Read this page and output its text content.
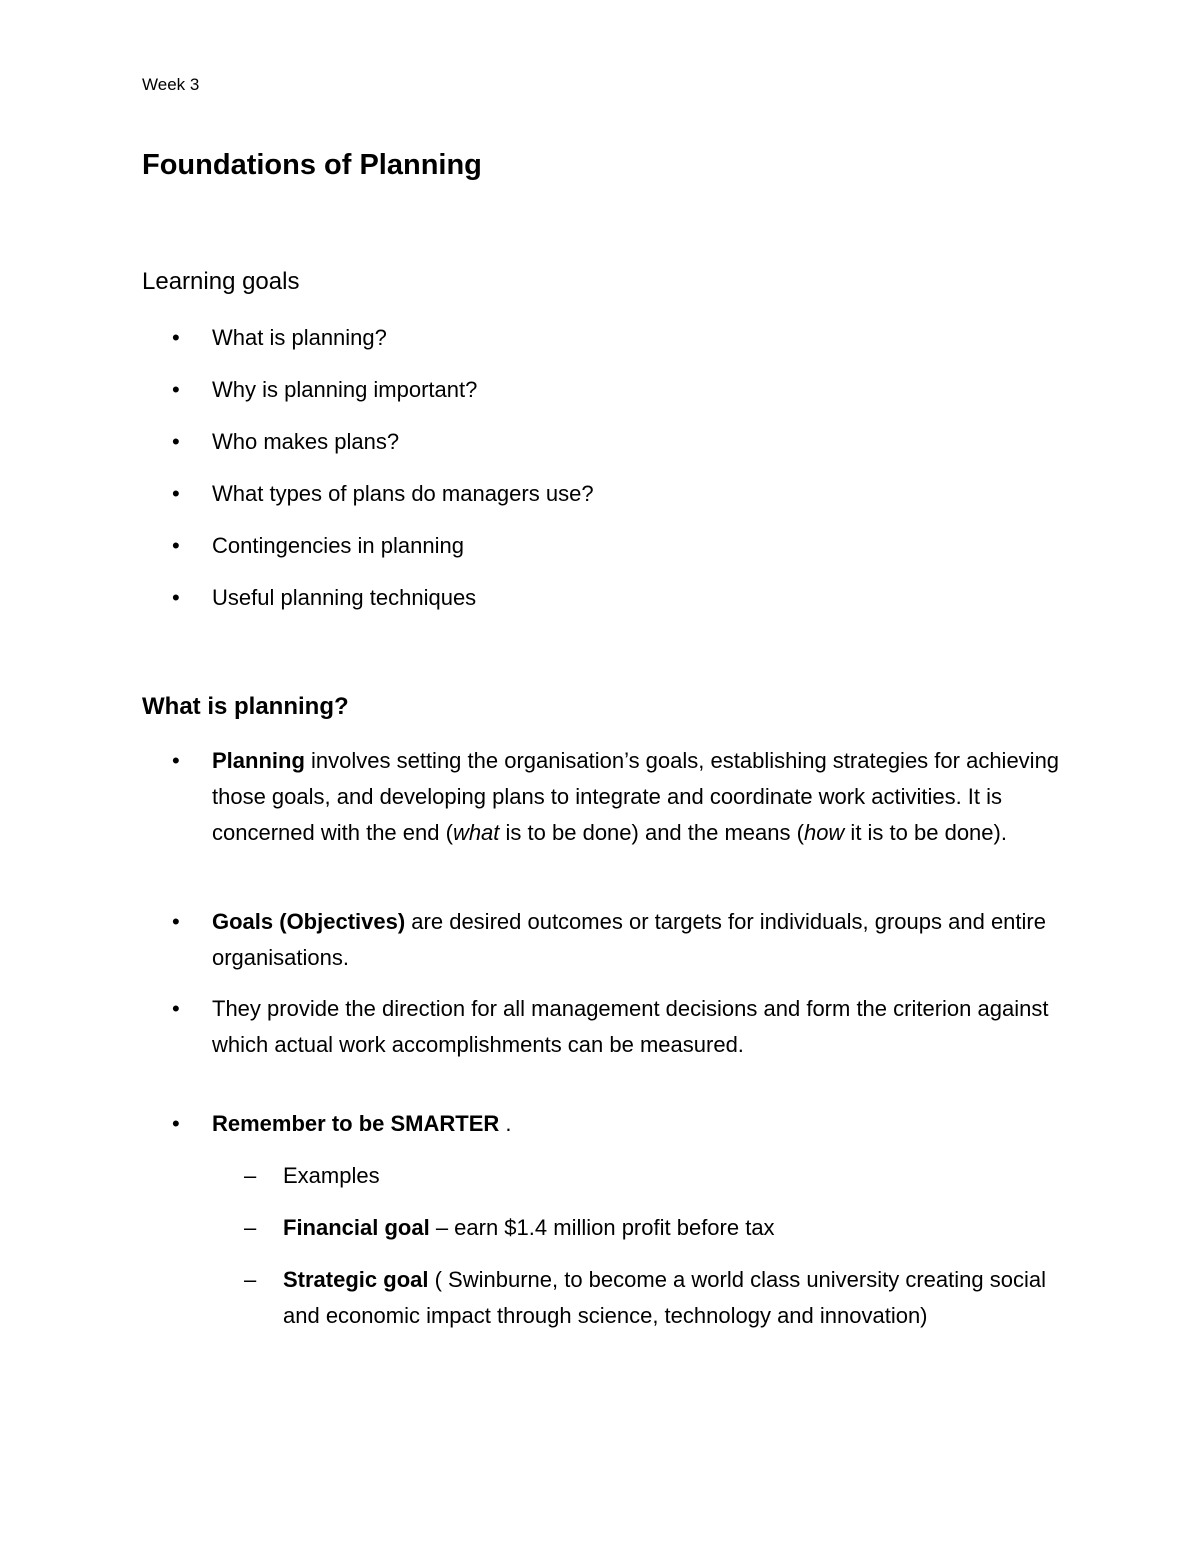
Week 3
Foundations of Planning
Learning goals
• What is planning?
• Why is planning important?
• Who makes plans?
• What types of plans do managers use?
• Contingencies in planning
• Useful planning techniques
What is planning?
• Planning involves setting the organisation’s goals, establishing strategies for achieving those goals, and developing plans to integrate and coordinate work activities. It is concerned with the end (what is to be done) and the means (how it is to be done).
• Goals (Objectives) are desired outcomes or targets for individuals, groups and entire organisations.
• They provide the direction for all management decisions and form the criterion against which actual work accomplishments can be measured.
• Remember to be SMARTER .
– Examples
– Financial goal – earn $1.4 million profit before tax
– Strategic goal ( Swinburne, to become a world class university creating social and economic impact through science, technology and innovation)
